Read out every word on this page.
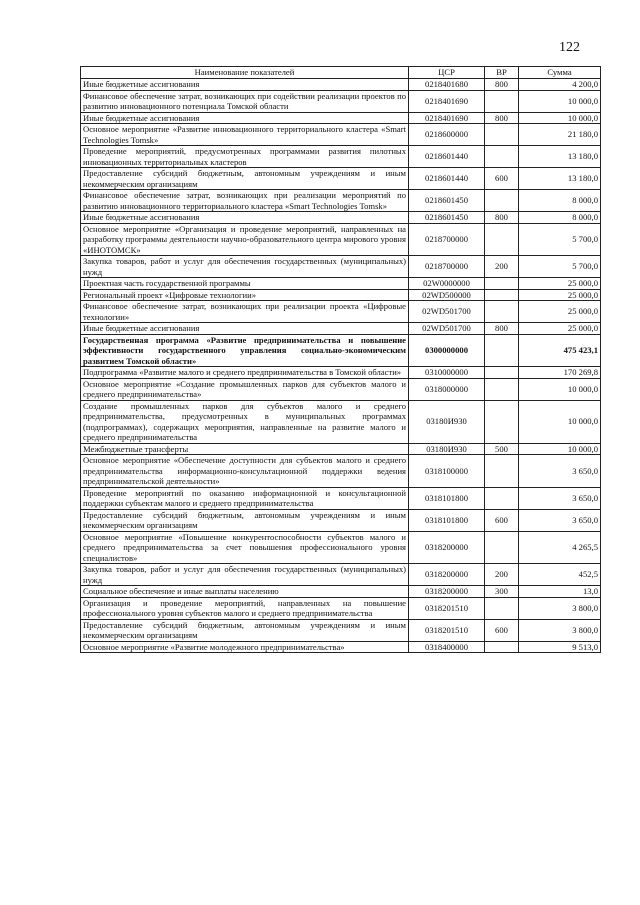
122
Наименование показателей	ЦСР	ВР	Сумма
Иные бюджетные ассигнования	0218401680	800	4 200,0
Финансовое обеспечение затрат, возникающих при содействии реализации проектов по развитию инновационного потенциала Томской области	0218401690		10 000,0
Иные бюджетные ассигнования	0218401690	800	10 000,0
Основное мероприятие «Развитие инновационного территориального кластера «Smart Technologies Tomsk»	0218600000		21 180,0
Проведение мероприятий, предусмотренных программами развития пилотных инновационных территориальных кластеров	0218601440		13 180,0
Предоставление субсидий бюджетным, автономным учреждениям и иным некоммерческим организациям	0218601440	600	13 180,0
Финансовое обеспечение затрат, возникающих при реализации мероприятий по развитию инновационного территориального кластера «Smart Technologies Tomsk»	0218601450		8 000,0
Иные бюджетные ассигнования	0218601450	800	8 000,0
Основное мероприятие «Организация и проведение мероприятий, направленных на разработку программы деятельности научно-образовательного центра мирового уровня «ИНОТОМСК»	0218700000		5 700,0
Закупка товаров, работ и услуг для обеспечения государственных (муниципальных) нужд	0218700000	200	5 700,0
Проектная часть государственной программы	02W0000000		25 000,0
Региональный проект «Цифровые технологии»	02WD500000		25 000,0
Финансовое обеспечение затрат, возникающих при реализации проекта «Цифровые технологии»	02WD501700		25 000,0
Иные бюджетные ассигнования	02WD501700	800	25 000,0
Государственная программа «Развитие предпринимательства и повышение эффективности государственного управления социально-экономическим развитием Томской области»	0300000000		475 423,1
Подпрограмма «Развитие малого и среднего предпринимательства в Томской области»	0310000000		170 269,8
Основное мероприятие «Создание промышленных парков для субъектов малого и среднего предпринимательства»	0318000000		10 000,0
Создание промышленных парков для субъектов малого и среднего предпринимательства, предусмотренных в муниципальных программах (подпрограммах), содержащих мероприятия, направленные на развитие малого и среднего предпринимательства	03180И930		10 000,0
Межбюджетные трансферты	03180И930	500	10 000,0
Основное мероприятие «Обеспечение доступности для субъектов малого и среднего предпринимательства информационно-консультационной поддержки ведения предпринимательской деятельности»	0318100000		3 650,0
Проведение мероприятий по оказанию информационной и консультационной поддержки субъектам малого и среднего предпринимательства	0318101800		3 650,0
Предоставление субсидий бюджетным, автономным учреждениям и иным некоммерческим организациям	0318101800	600	3 650,0
Основное мероприятие «Повышение конкурентоспособности субъектов малого и среднего предпринимательства за счет повышения профессионального уровня специалистов»	0318200000		4 265,5
Закупка товаров, работ и услуг для обеспечения государственных (муниципальных) нужд	0318200000	200	452,5
Социальное обеспечение и иные выплаты населению	0318200000	300	13,0
Организация и проведение мероприятий, направленных на повышение профессионального уровня субъектов малого и среднего предпринимательства	0318201510		3 800,0
Предоставление субсидий бюджетным, автономным учреждениям и иным некоммерческим организациям	0318201510	600	3 800,0
Основное мероприятие «Развитие молодежного предпринимательства»	0318400000		9 513,0
